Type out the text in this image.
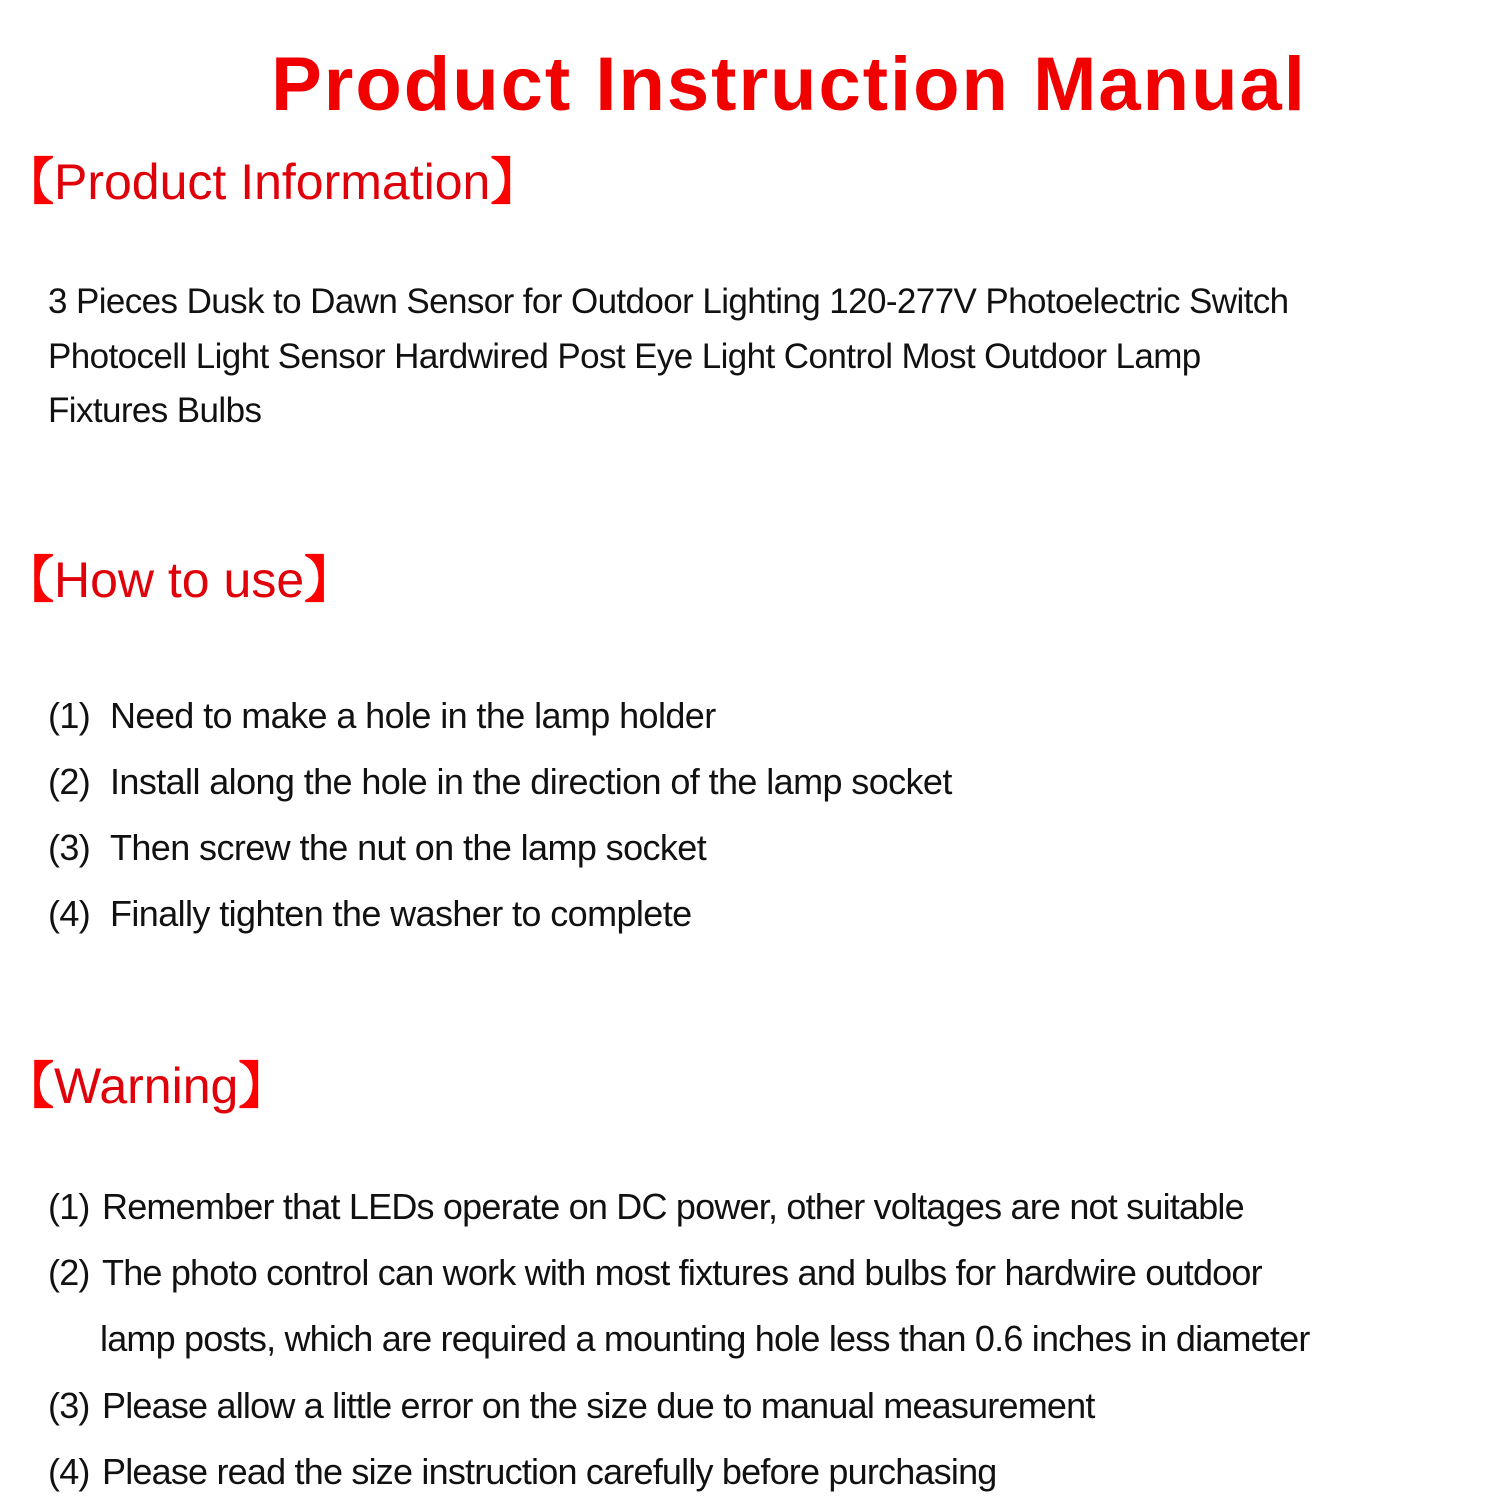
Product Instruction Manual
【Product Information】
3 Pieces Dusk to Dawn Sensor for Outdoor Lighting 120-277V Photoelectric Switch
Photocell Light Sensor Hardwired Post Eye Light Control Most Outdoor Lamp
Fixtures Bulbs
【How to use】
(1) Need to make a hole in the lamp holder
(2) Install along the hole in the direction of the lamp socket
(3) Then screw the nut on the lamp socket
(4) Finally tighten the washer to complete
【Warning】
(1) Remember that LEDs operate on DC power, other voltages are not suitable
(2) The photo control can work with most fixtures and bulbs for hardwire outdoor
lamp posts, which are required a mounting hole less than 0.6 inches in diameter
(3) Please allow a little error on the size due to manual measurement
(4) Please read the size instruction carefully before purchasing
